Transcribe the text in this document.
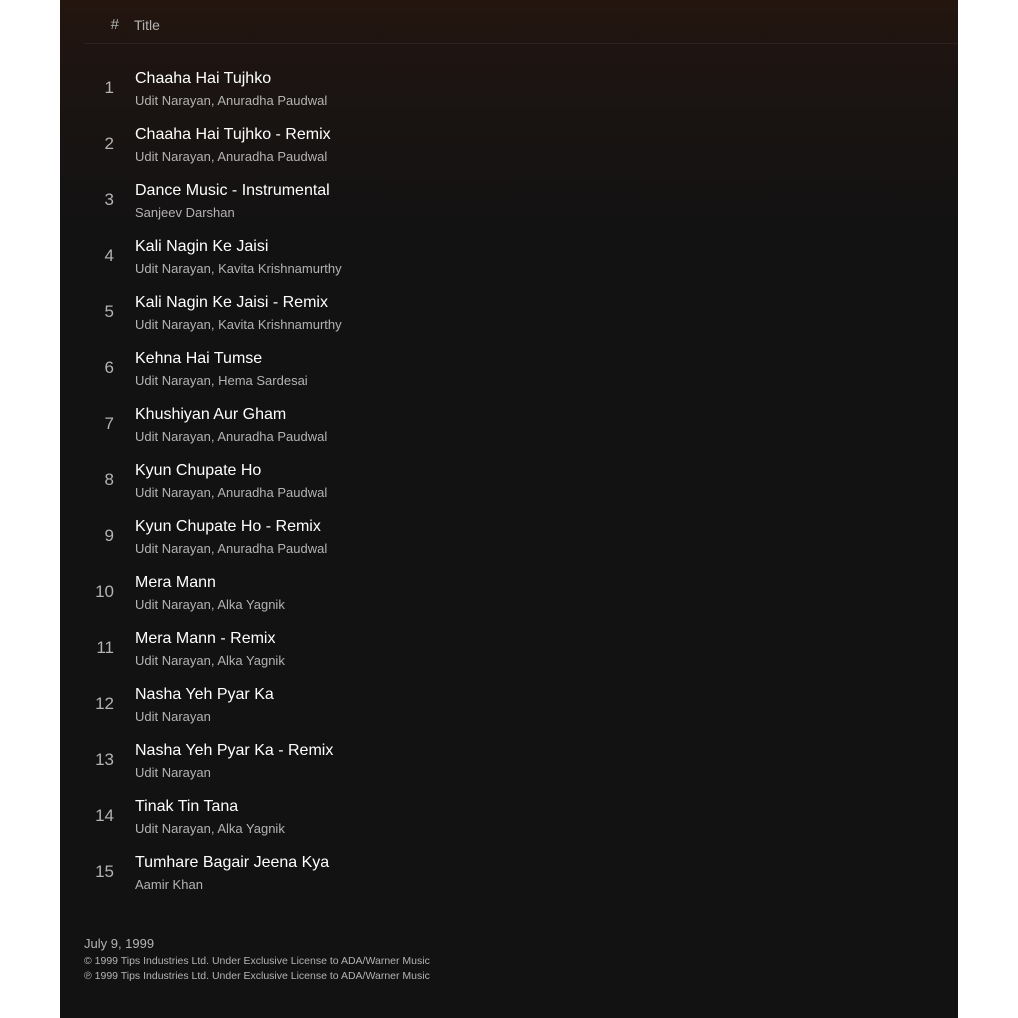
# Title
1 Chaaha Hai Tujhko
Udit Narayan, Anuradha Paudwal
2 Chaaha Hai Tujhko - Remix
Udit Narayan, Anuradha Paudwal
3 Dance Music - Instrumental
Sanjeev Darshan
4 Kali Nagin Ke Jaisi
Udit Narayan, Kavita Krishnamurthy
5 Kali Nagin Ke Jaisi - Remix
Udit Narayan, Kavita Krishnamurthy
6 Kehna Hai Tumse
Udit Narayan, Hema Sardesai
7 Khushiyan Aur Gham
Udit Narayan, Anuradha Paudwal
8 Kyun Chupate Ho
Udit Narayan, Anuradha Paudwal
9 Kyun Chupate Ho - Remix
Udit Narayan, Anuradha Paudwal
10 Mera Mann
Udit Narayan, Alka Yagnik
11 Mera Mann - Remix
Udit Narayan, Alka Yagnik
12 Nasha Yeh Pyar Ka
Udit Narayan
13 Nasha Yeh Pyar Ka - Remix
Udit Narayan
14 Tinak Tin Tana
Udit Narayan, Alka Yagnik
15 Tumhare Bagair Jeena Kya
Aamir Khan
July 9, 1999
© 1999 Tips Industries Ltd. Under Exclusive License to ADA/Warner Music
℗ 1999 Tips Industries Ltd. Under Exclusive License to ADA/Warner Music
